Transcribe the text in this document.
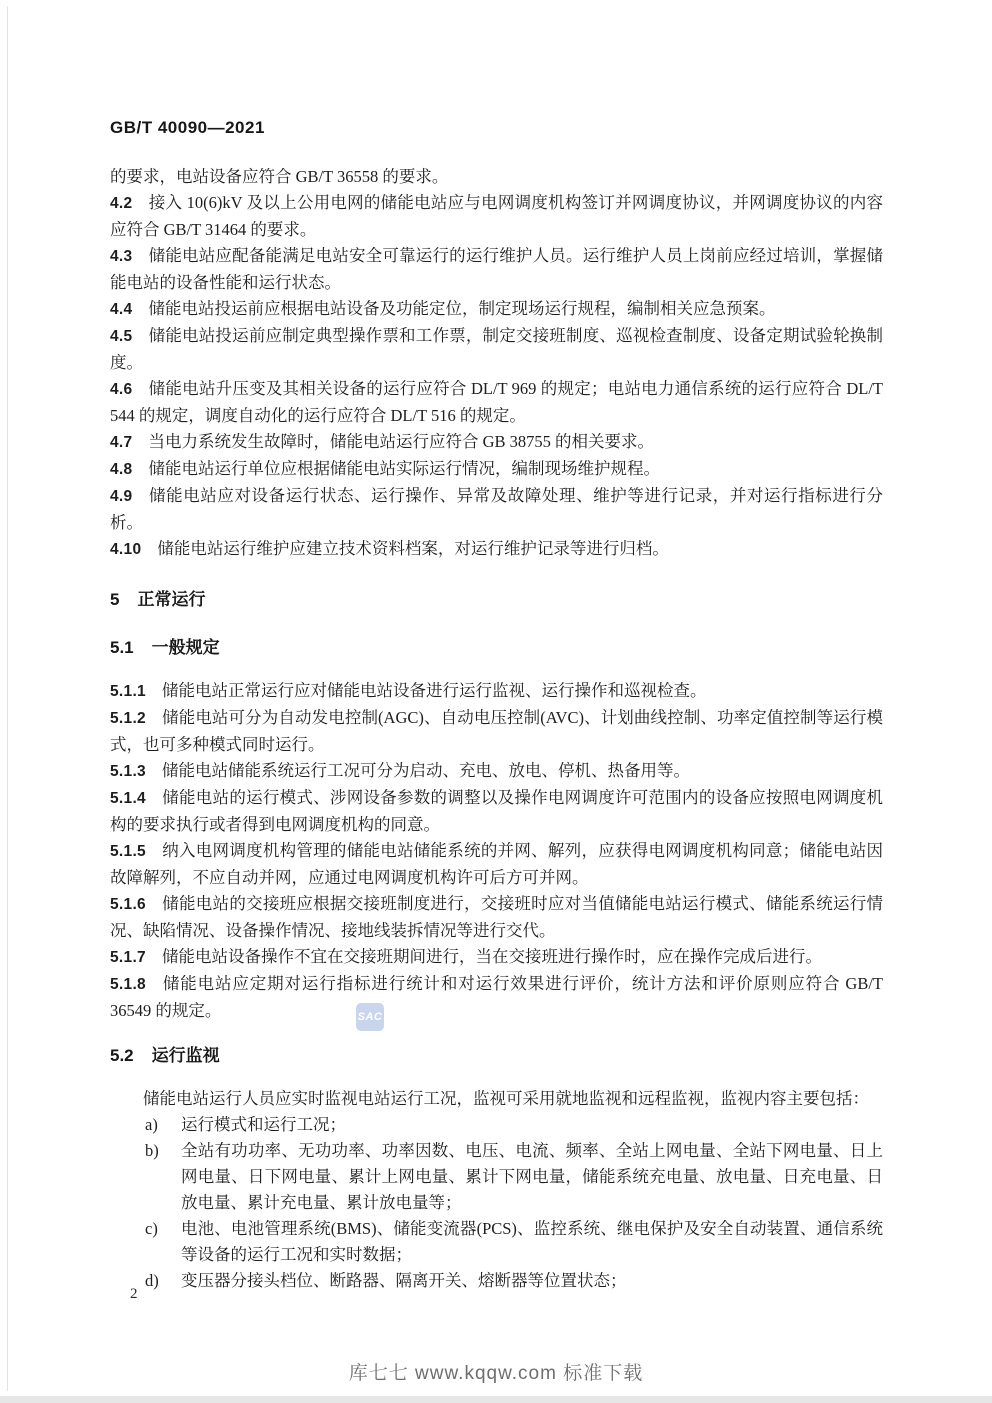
GB/T 40090—2021
SAC

的要求，电站设备应符合 GB/T 36558 的要求。

4.2 接入 10(6)kV 及以上公用电网的储能电站应与电网调度机构签订并网调度协议，并网调度协议的内容应符合 GB/T 31464 的要求。

4.3 储能电站应配备能满足电站安全可靠运行的运行维护人员。运行维护人员上岗前应经过培训，掌握储能电站的设备性能和运行状态。

4.4 储能电站投运前应根据电站设备及功能定位，制定现场运行规程，编制相关应急预案。

4.5 储能电站投运前应制定典型操作票和工作票，制定交接班制度、巡视检查制度、设备定期试验轮换制度。

4.6 储能电站升压变及其相关设备的运行应符合 DL/T 969 的规定；电站电力通信系统的运行应符合 DL/T 544 的规定，调度自动化的运行应符合 DL/T 516 的规定。

4.7 当电力系统发生故障时，储能电站运行应符合 GB 38755 的相关要求。

4.8 储能电站运行单位应根据储能电站实际运行情况，编制现场维护规程。

4.9 储能电站应对设备运行状态、运行操作、异常及故障处理、维护等进行记录，并对运行指标进行分析。

4.10 储能电站运行维护应建立技术资料档案，对运行维护记录等进行归档。

5 正常运行
5.1 一般规定

5.1.1 储能电站正常运行应对储能电站设备进行运行监视、运行操作和巡视检查。

5.1.2 储能电站可分为自动发电控制(AGC)、自动电压控制(AVC)、计划曲线控制、功率定值控制等运行模式，也可多种模式同时运行。

5.1.3 储能电站储能系统运行工况可分为启动、充电、放电、停机、热备用等。

5.1.4 储能电站的运行模式、涉网设备参数的调整以及操作电网调度许可范围内的设备应按照电网调度机构的要求执行或者得到电网调度机构的同意。

5.1.5 纳入电网调度机构管理的储能电站储能系统的并网、解列，应获得电网调度机构同意；储能电站因故障解列，不应自动并网，应通过电网调度机构许可后方可并网。

5.1.6 储能电站的交接班应根据交接班制度进行，交接班时应对当值储能电站运行模式、储能系统运行情况、缺陷情况、设备操作情况、接地线装拆情况等进行交代。

5.1.7 储能电站设备操作不宜在交接班期间进行，当在交接班进行操作时，应在操作完成后进行。

5.1.8 储能电站应定期对运行指标进行统计和对运行效果进行评价，统计方法和评价原则应符合 GB/T 36549 的规定。

5.2 运行监视

储能电站运行人员应实时监视电站运行工况，监视可采用就地监视和远程监视，监视内容主要包括：

a)	运行模式和运行工况；
b)	全站有功功率、无功功率、功率因数、电压、电流、频率、全站上网电量、全站下网电量、日上网电量、日下网电量、累计上网电量、累计下网电量，储能系统充电量、放电量、日充电量、日放电量、累计充电量、累计放电量等；
c)	电池、电池管理系统(BMS)、储能变流器(PCS)、监控系统、继电保护及安全自动装置、通信系统等设备的运行工况和实时数据；
d)	变压器分接头档位、断路器、隔离开关、熔断器等位置状态；
2
库七七 www.kqqw.com 标准下载
